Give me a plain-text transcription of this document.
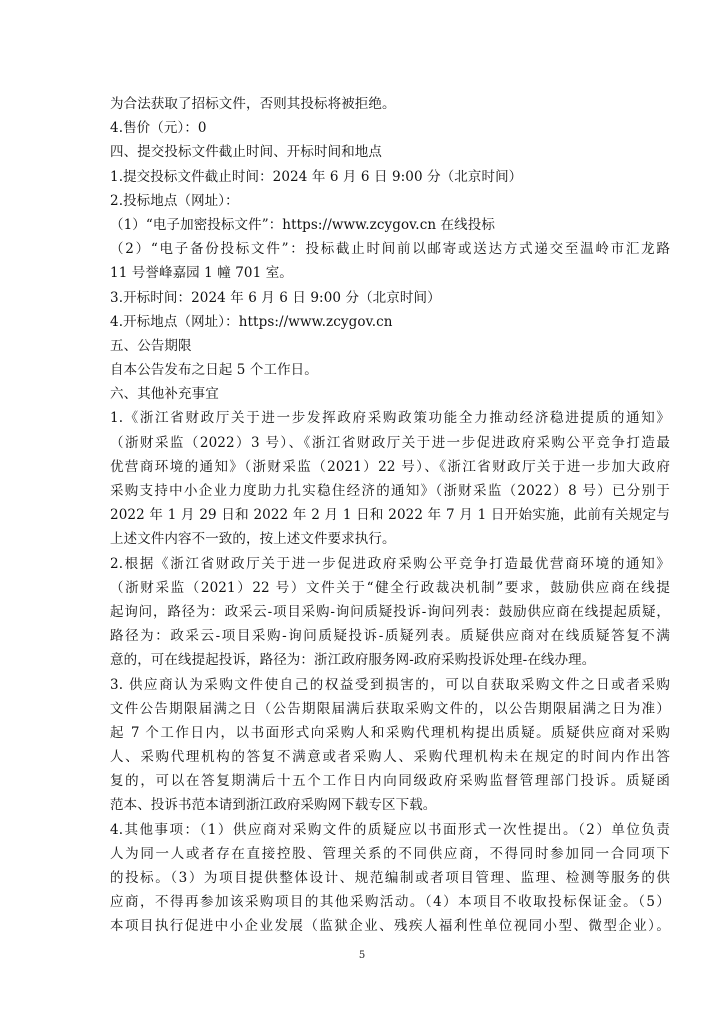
为合法获取了招标文件，否则其投标将被拒绝。
4.售价（元）：0
四、提交投标文件截止时间、开标时间和地点
1.提交投标文件截止时间：2024 年 6 月 6 日 9:00 分（北京时间）
2.投标地点（网址）：
（1）“电子加密投标文件”：https://www.zcygov.cn 在线投标
（2）“电子备份投标文件”：投标截止时间前以邮寄或送达方式递交至温岭市汇龙路
11 号誉峰嘉园 1 幢 701 室。
3.开标时间：2024 年 6 月 6 日 9:00 分（北京时间）
4.开标地点（网址）：https://www.zcygov.cn
五、公告期限
自本公告发布之日起 5 个工作日。
六、其他补充事宜
1.《浙江省财政厅关于进一步发挥政府采购政策功能全力推动经济稳进提质的通知》
（浙财采监（2022）3 号）、《浙江省财政厅关于进一步促进政府采购公平竞争打造最
优营商环境的通知》（浙财采监（2021）22 号）、《浙江省财政厅关于进一步加大政府
采购支持中小企业力度助力扎实稳住经济的通知》（浙财采监（2022）8 号）已分别于
2022 年 1 月 29 日和 2022 年 2 月 1 日和 2022 年 7 月 1 日开始实施，此前有关规定与
上述文件内容不一致的，按上述文件要求执行。
2.根据《浙江省财政厅关于进一步促进政府采购公平竞争打造最优营商环境的通知》
（浙财采监（2021）22 号）文件关于“健全行政裁决机制”要求，鼓励供应商在线提
起询问，路径为：政采云-项目采购-询问质疑投诉-询问列表：鼓励供应商在线提起质疑，
路径为：政采云-项目采购-询问质疑投诉-质疑列表。质疑供应商对在线质疑答复不满
意的，可在线提起投诉，路径为：浙江政府服务网-政府采购投诉处理-在线办理。
3. 供应商认为采购文件使自己的权益受到损害的，可以自获取采购文件之日或者采购
文件公告期限届满之日（公告期限届满后获取采购文件的，以公告期限届满之日为准）
起 7 个工作日内，以书面形式向采购人和采购代理机构提出质疑。质疑供应商对采购
人、采购代理机构的答复不满意或者采购人、采购代理机构未在规定的时间内作出答
复的，可以在答复期满后十五个工作日内向同级政府采购监督管理部门投诉。质疑函
范本、投诉书范本请到浙江政府采购网下载专区下载。
4.其他事项：（1）供应商对采购文件的质疑应以书面形式一次性提出。（2）单位负责
人为同一人或者存在直接控股、管理关系的不同供应商，不得同时参加同一合同项下
的投标。（3）为项目提供整体设计、规范编制或者项目管理、监理、检测等服务的供
应商，不得再参加该采购项目的其他采购活动。（4）本项目不收取投标保证金。（5）
本项目执行促进中小企业发展（监狱企业、残疾人福利性单位视同小型、微型企业）。
5
